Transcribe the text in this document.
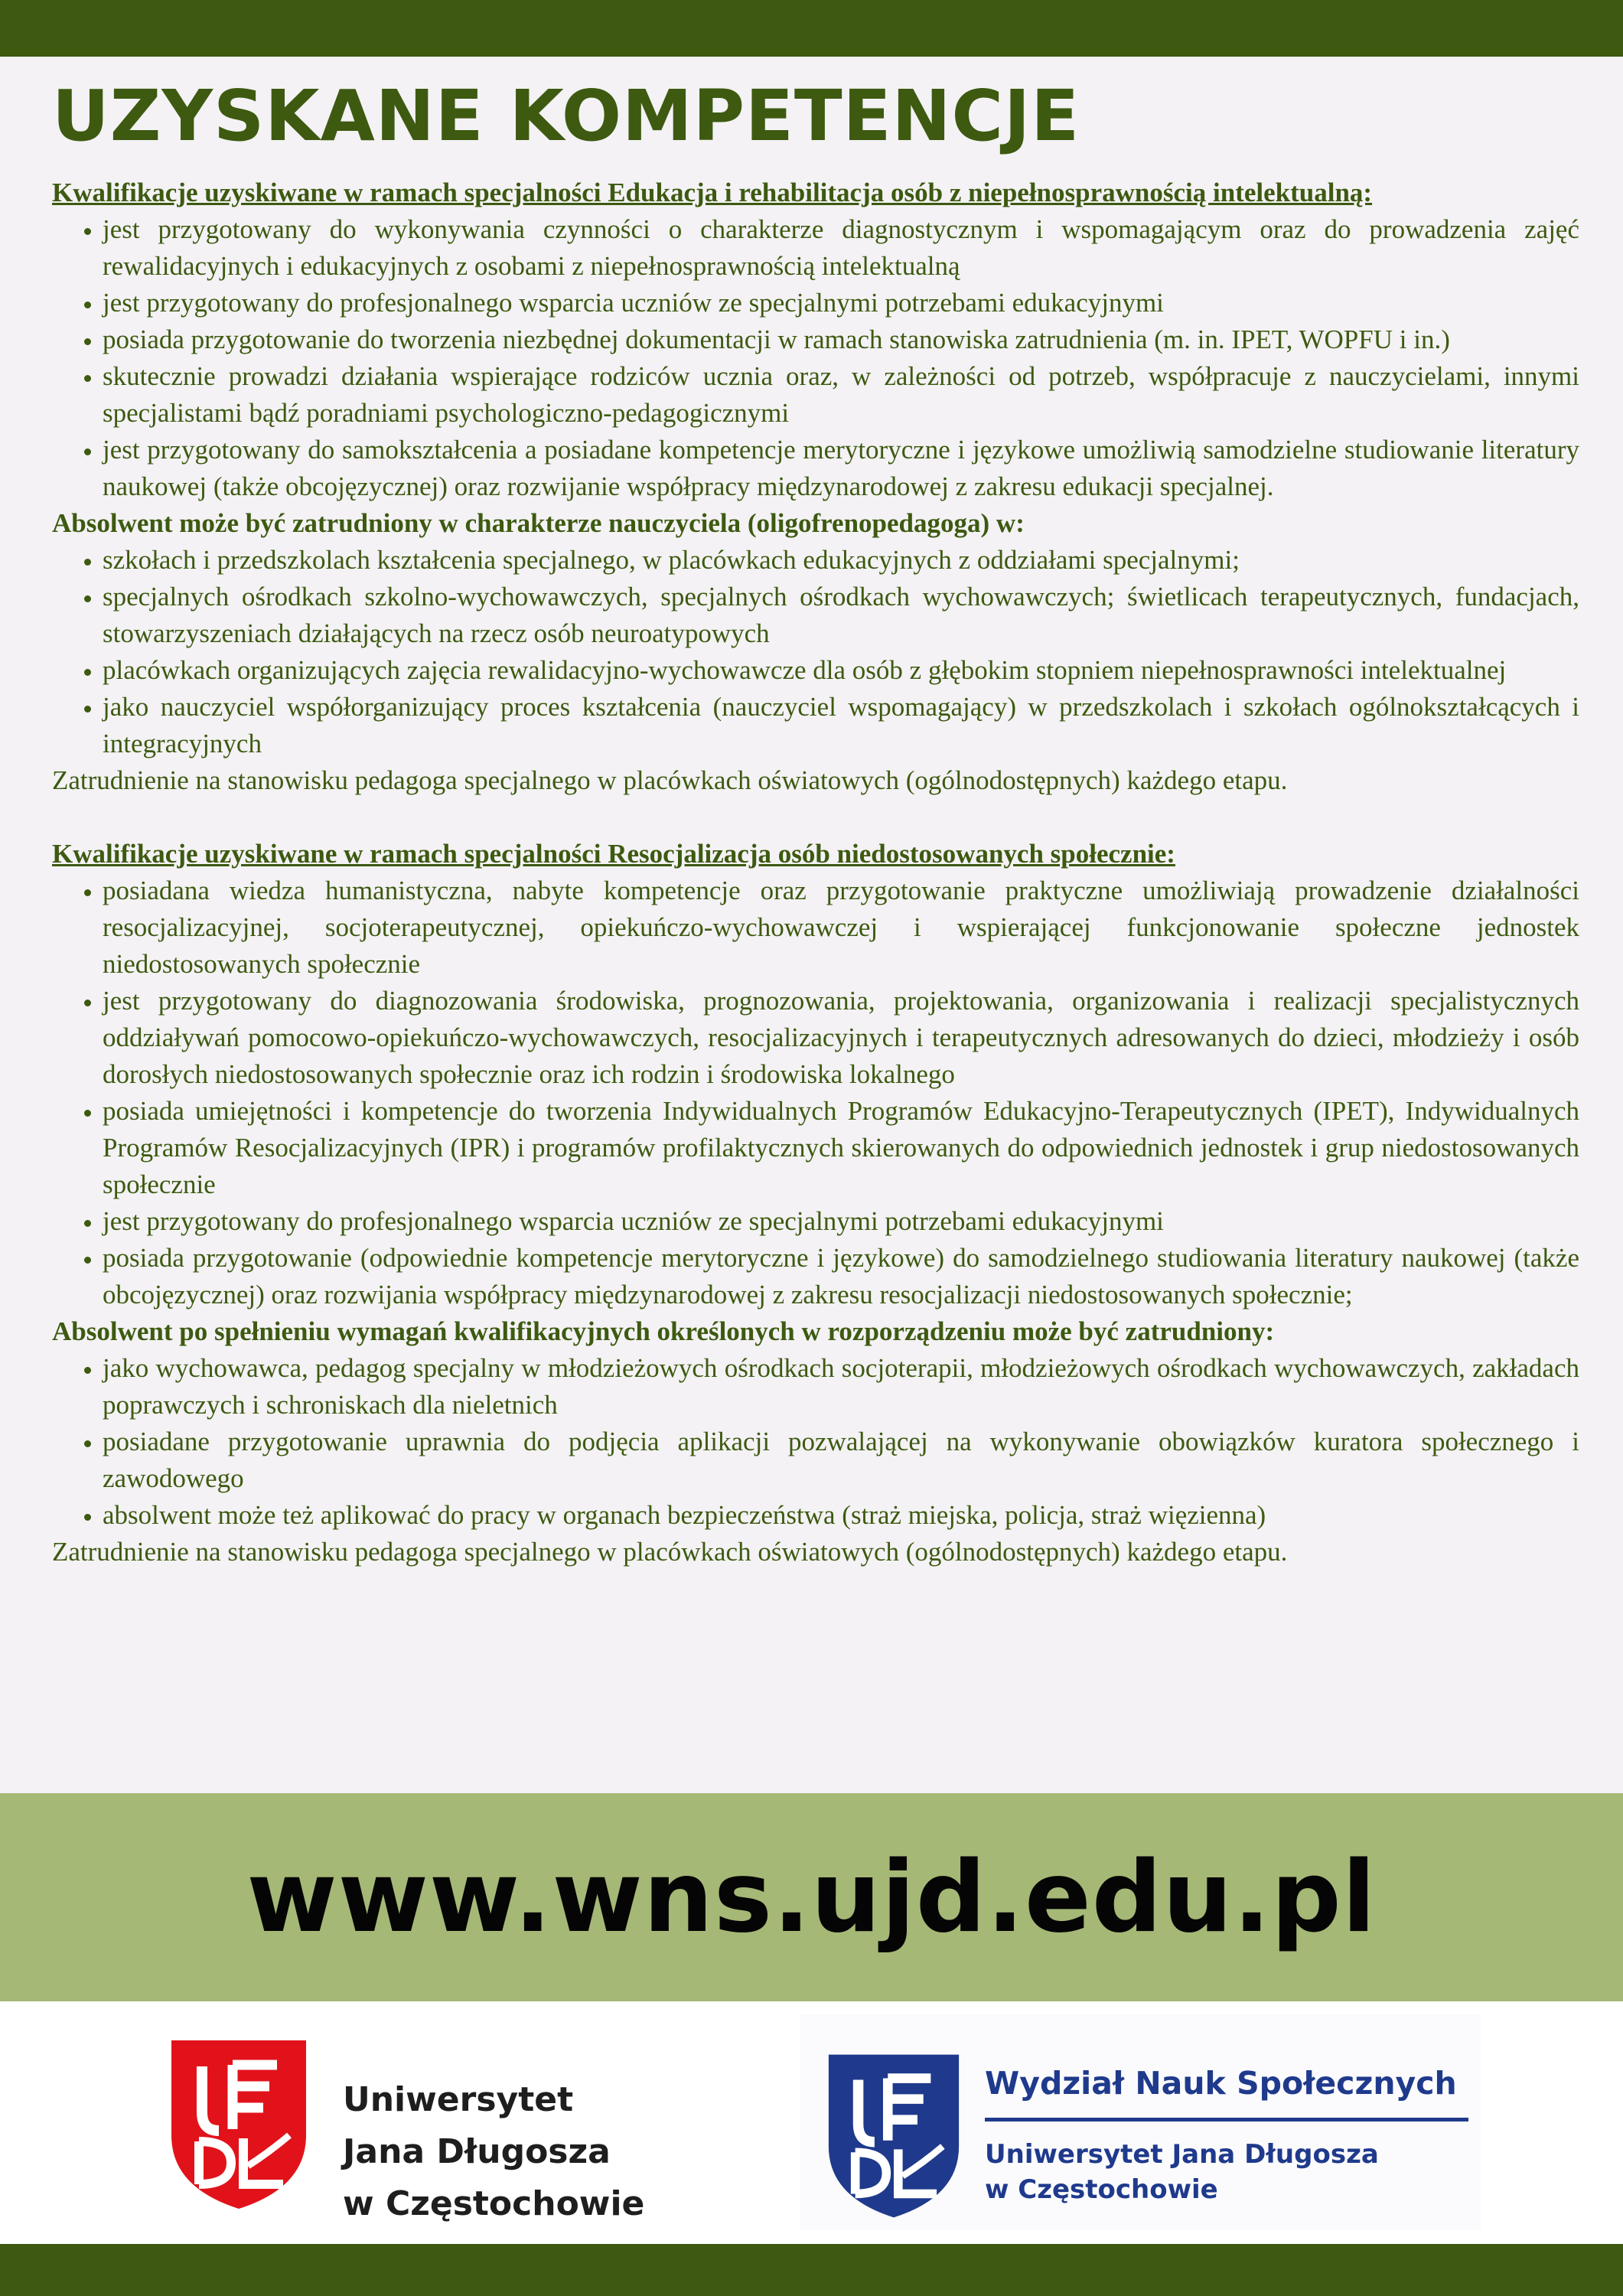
UZYSKANE KOMPETENCJE

Kwalifikacje uzyskiwane w ramach specjalności Edukacja i rehabilitacja osób z niepełnosprawnością intelektualną:

• jest przygotowany do wykonywania czynności o charakterze diagnostycznym i wspomagającym oraz do prowadzenia zajęć rewalidacyjnych i edukacyjnych z osobami z niepełnosprawnością intelektualną
• jest przygotowany do profesjonalnego wsparcia uczniów ze specjalnymi potrzebami edukacyjnymi
• posiada przygotowanie do tworzenia niezbędnej dokumentacji w ramach stanowiska zatrudnienia (m. in. IPET, WOPFU i in.)
• skutecznie prowadzi działania wspierające rodziców ucznia oraz, w zależności od potrzeb, współpracuje z nauczycielami, innymi specjalistami bądź poradniami psychologiczno-pedagogicznymi
• jest przygotowany do samokształcenia a posiadane kompetencje merytoryczne i językowe umożliwią samodzielne studiowanie literatury naukowej (także obcojęzycznej) oraz rozwijanie współpracy międzynarodowej z zakresu edukacji specjalnej.

Absolwent może być zatrudniony w charakterze nauczyciela (oligofrenopedagoga) w:

• szkołach i przedszkolach kształcenia specjalnego, w placówkach edukacyjnych z oddziałami specjalnymi;
• specjalnych ośrodkach szkolno-wychowawczych, specjalnych ośrodkach wychowawczych; świetlicach terapeutycznych, fundacjach, stowarzyszeniach działających na rzecz osób neuroatypowych
• placówkach organizujących zajęcia rewalidacyjno-wychowawcze dla osób z głębokim stopniem niepełnosprawności intelektualnej
• jako nauczyciel współorganizujący proces kształcenia (nauczyciel wspomagający) w przedszkolach i szkołach ogólnokształcących i integracyjnych

Zatrudnienie na stanowisku pedagoga specjalnego w placówkach oświatowych (ogólnodostępnych) każdego etapu.

Kwalifikacje uzyskiwane w ramach specjalności Resocjalizacja osób niedostosowanych społecznie:

• posiadana wiedza humanistyczna, nabyte kompetencje oraz przygotowanie praktyczne umożliwiają prowadzenie działalności resocjalizacyjnej, socjoterapeutycznej, opiekuńczo-wychowawczej i wspierającej funkcjonowanie społeczne jednostek niedostosowanych społecznie
• jest przygotowany do diagnozowania środowiska, prognozowania, projektowania, organizowania i realizacji specjalistycznych oddziaływań pomocowo-opiekuńczo-wychowawczych, resocjalizacyjnych i terapeutycznych adresowanych do dzieci, młodzieży i osób dorosłych niedostosowanych społecznie oraz ich rodzin i środowiska lokalnego
• posiada umiejętności i kompetencje do tworzenia Indywidualnych Programów Edukacyjno-Terapeutycznych (IPET), Indywidualnych Programów Resocjalizacyjnych (IPR) i programów profilaktycznych skierowanych do odpowiednich jednostek i grup niedostosowanych społecznie
• jest przygotowany do profesjonalnego wsparcia uczniów ze specjalnymi potrzebami edukacyjnymi
• posiada przygotowanie (odpowiednie kompetencje merytoryczne i językowe) do samodzielnego studiowania literatury naukowej (także obcojęzycznej) oraz rozwijania współpracy międzynarodowej z zakresu resocjalizacji niedostosowanych społecznie;

Absolwent po spełnieniu wymagań kwalifikacyjnych określonych w rozporządzeniu może być zatrudniony:

• jako wychowawca, pedagog specjalny w młodzieżowych ośrodkach socjoterapii, młodzieżowych ośrodkach wychowawczych, zakładach poprawczych i schroniskach dla nieletnich
• posiadane przygotowanie uprawnia do podjęcia aplikacji pozwalającej na wykonywanie obowiązków kuratora społecznego i zawodowego
• absolwent może też aplikować do pracy w organach bezpieczeństwa (straż miejska, policja, straż więzienna)

Zatrudnienie na stanowisku pedagoga specjalnego w placówkach oświatowych (ogólnodostępnych) każdego etapu.

www.wns.ujd.edu.pl
Uniwersytet
Jana Długosza
w Częstochowie
Wydział Nauk Społecznych
Uniwersytet Jana Długosza
w Częstochowie
